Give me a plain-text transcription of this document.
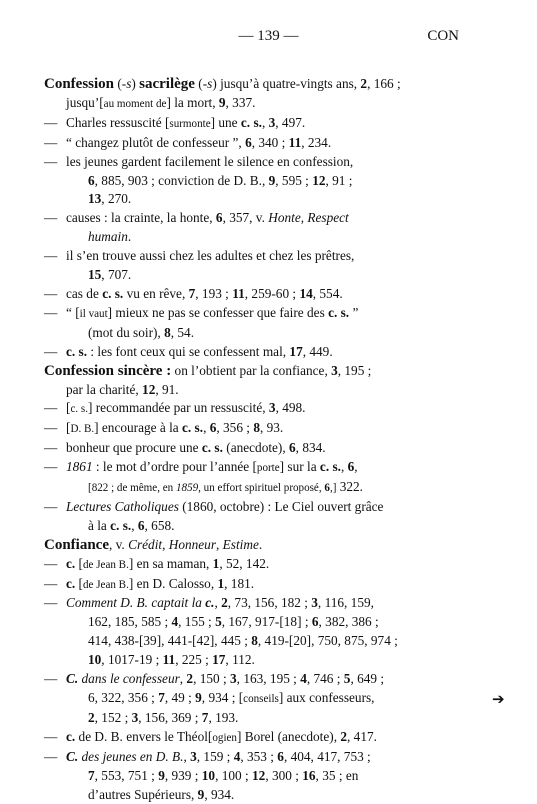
— 139 —	CON
Confession (-s) sacrilège (-s) jusqu’à quatre-vingts ans, 2, 166 ;
jusqu’[au moment de] la mort, 9, 337.
— Charles ressuscité [surmonte] une c. s., 3, 497.
— “ changez plutôt de confesseur ”, 6, 340 ; 11, 234.
— les jeunes gardent facilement le silence en confession,
6, 885, 903 ; conviction de D. B., 9, 595 ; 12, 91 ;
13, 270.
— causes : la crainte, la honte, 6, 357, v. Honte, Respect
humain.
— il s’en trouve aussi chez les adultes et chez les prêtres,
15, 707.
— cas de c. s. vu en rêve, 7, 193 ; 11, 259-60 ; 14, 554.
— “ [il vaut] mieux ne pas se confesser que faire des c. s. ”
(mot du soir), 8, 54.
— c. s. : les font ceux qui se confessent mal, 17, 449.
Confession sincère : on l’obtient par la confiance, 3, 195 ;
par la charité, 12, 91.
— [c. s.] recommandée par un ressuscité, 3, 498.
— [D. B.] encourage à la c. s., 6, 356 ; 8, 93.
— bonheur que procure une c. s. (anecdote), 6, 834.
— 1861 : le mot d’ordre pour l’année [porte] sur la c. s., 6,
[822 ; de même, en 1859, un effort spirituel proposé, 6,] 322.
— Lectures Catholiques (1860, octobre) : Le Ciel ouvert grâce
à la c. s., 6, 658.
Confiance, v. Crédit, Honneur, Estime.
— c. [de Jean B.] en sa maman, 1, 52, 142.
— c. [de Jean B.] en D. Calosso, 1, 181.
— Comment D. B. captait la c., 2, 73, 156, 182 ; 3, 116, 159,
162, 185, 585 ; 4, 155 ; 5, 167, 917-[18] ; 6, 382, 386 ;
414, 438-[39], 441-[42], 445 ; 8, 419-[20], 750, 875, 974 ;
10, 1017-19 ; 11, 225 ; 17, 112.
— C. dans le confesseur, 2, 150 ; 3, 163, 195 ; 4, 746 ; 5, 649 ;
6, 322, 356 ; 7, 49 ; 9, 934 ; [conseils] aux confesseurs,
2, 152 ; 3, 156, 369 ; 7, 193.
— c. de D. B. envers le Théol[ogien] Borel (anecdote), 2, 417.
— C. des jeunes en D. B., 3, 159 ; 4, 353 ; 6, 404, 417, 753 ;
7, 553, 751 ; 9, 939 ; 10, 100 ; 12, 300 ; 16, 35 ; en
d’autres Supérieurs, 9, 934.
➔
